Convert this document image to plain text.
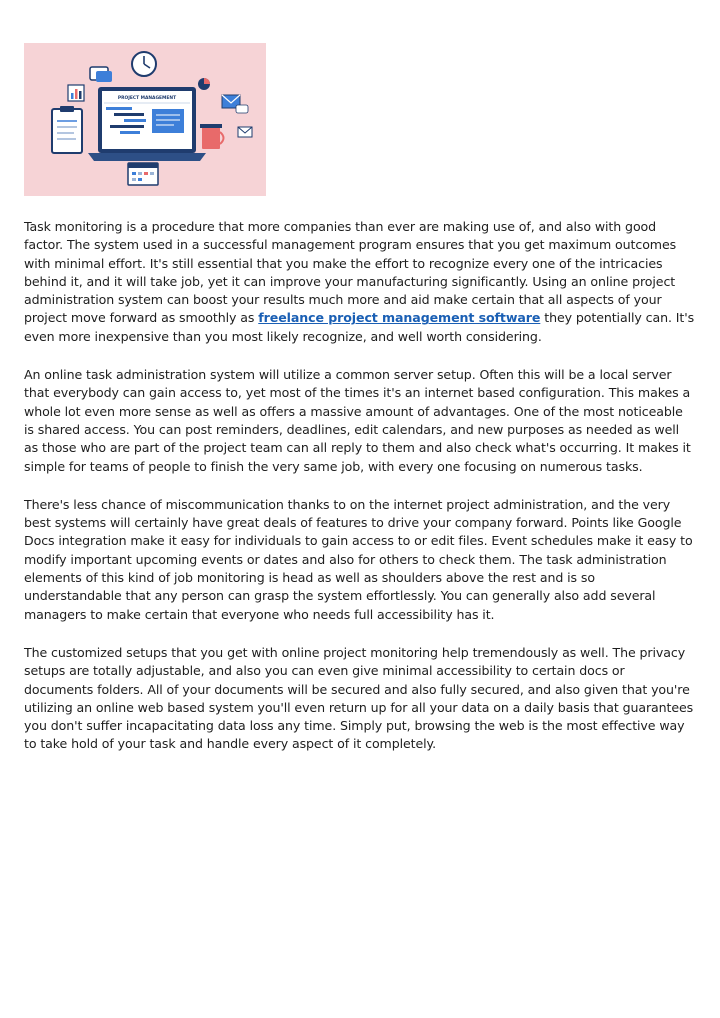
PROJECT MANAGEMENT

Task monitoring is a procedure that more companies than ever are making use of, and also with good factor. The system used in a successful management program ensures that you get maximum outcomes with minimal effort. It's still essential that you make the effort to recognize every one of the intricacies behind it, and it will take job, yet it can improve your manufacturing significantly. Using an online project administration system can boost your results much more and aid make certain that all aspects of your project move forward as smoothly as freelance project management software they potentially can. It's even more inexpensive than you most likely recognize, and well worth considering.

An online task administration system will utilize a common server setup. Often this will be a local server that everybody can gain access to, yet most of the times it's an internet based configuration. This makes a whole lot even more sense as well as offers a massive amount of advantages. One of the most noticeable is shared access. You can post reminders, deadlines, edit calendars, and new purposes as needed as well as those who are part of the project team can all reply to them and also check what's occurring. It makes it simple for teams of people to finish the very same job, with every one focusing on numerous tasks.

There's less chance of miscommunication thanks to on the internet project administration, and the very best systems will certainly have great deals of features to drive your company forward. Points like Google Docs integration make it easy for individuals to gain access to or edit files. Event schedules make it easy to modify important upcoming events or dates and also for others to check them. The task administration elements of this kind of job monitoring is head as well as shoulders above the rest and is so understandable that any person can grasp the system effortlessly. You can generally also add several managers to make certain that everyone who needs full accessibility has it.

The customized setups that you get with online project monitoring help tremendously as well. The privacy setups are totally adjustable, and also you can even give minimal accessibility to certain docs or documents folders. All of your documents will be secured and also fully secured, and also given that you're utilizing an online web based system you'll even return up for all your data on a daily basis that guarantees you don't suffer incapacitating data loss any time. Simply put, browsing the web is the most effective way to take hold of your task and handle every aspect of it completely.
